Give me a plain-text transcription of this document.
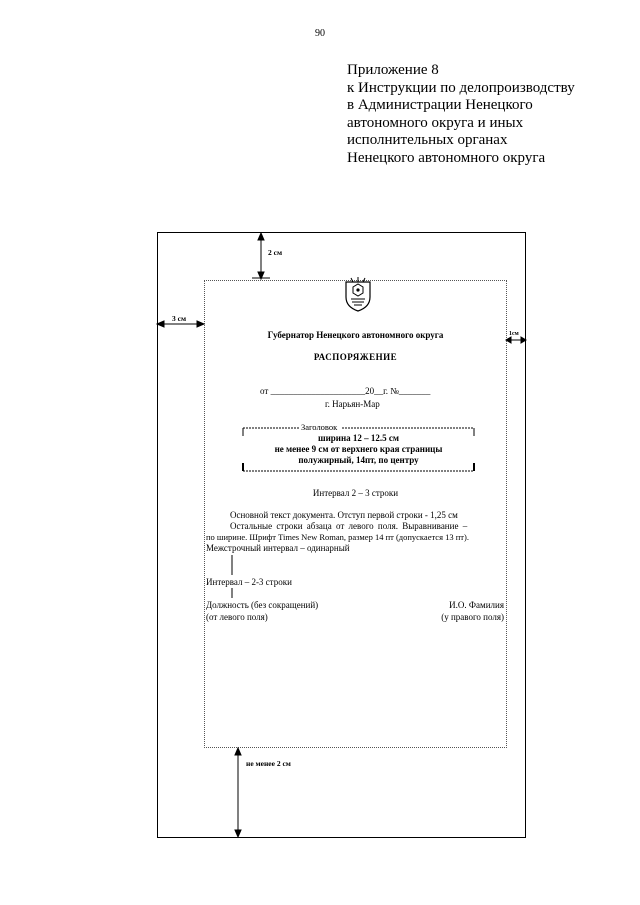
90
Приложение 8
к Инструкции по делопроизводству
в Администрации Ненецкого
автономного округа и иных
исполнительных органах
Ненецкого автономного округа
2 см
3 см
1см
не менее 2 см
Губернатор Ненецкого автономного округа
РАСПОРЯЖЕНИЕ
от _____________________20__г. №_______
г. Нарьян-Мар
Заголовок
ширина 12 – 12.5 см
не менее 9 см от верхнего края страницы
полужирный, 14пт, по центру
Интервал 2 – 3 строки
Основной текст документа. Отступ первой строки - 1,25 см
Остальные строки абзаца от левого поля. Выравнивание –
по ширине. Шрифт Times New Roman, размер 14 пт (допускается 13 пт).
Межстрочный интервал – одинарный
Интервал – 2-3 строки
Должность (без сокращений)
(от левого поля)
И.О. Фамилия
(у правого поля)
